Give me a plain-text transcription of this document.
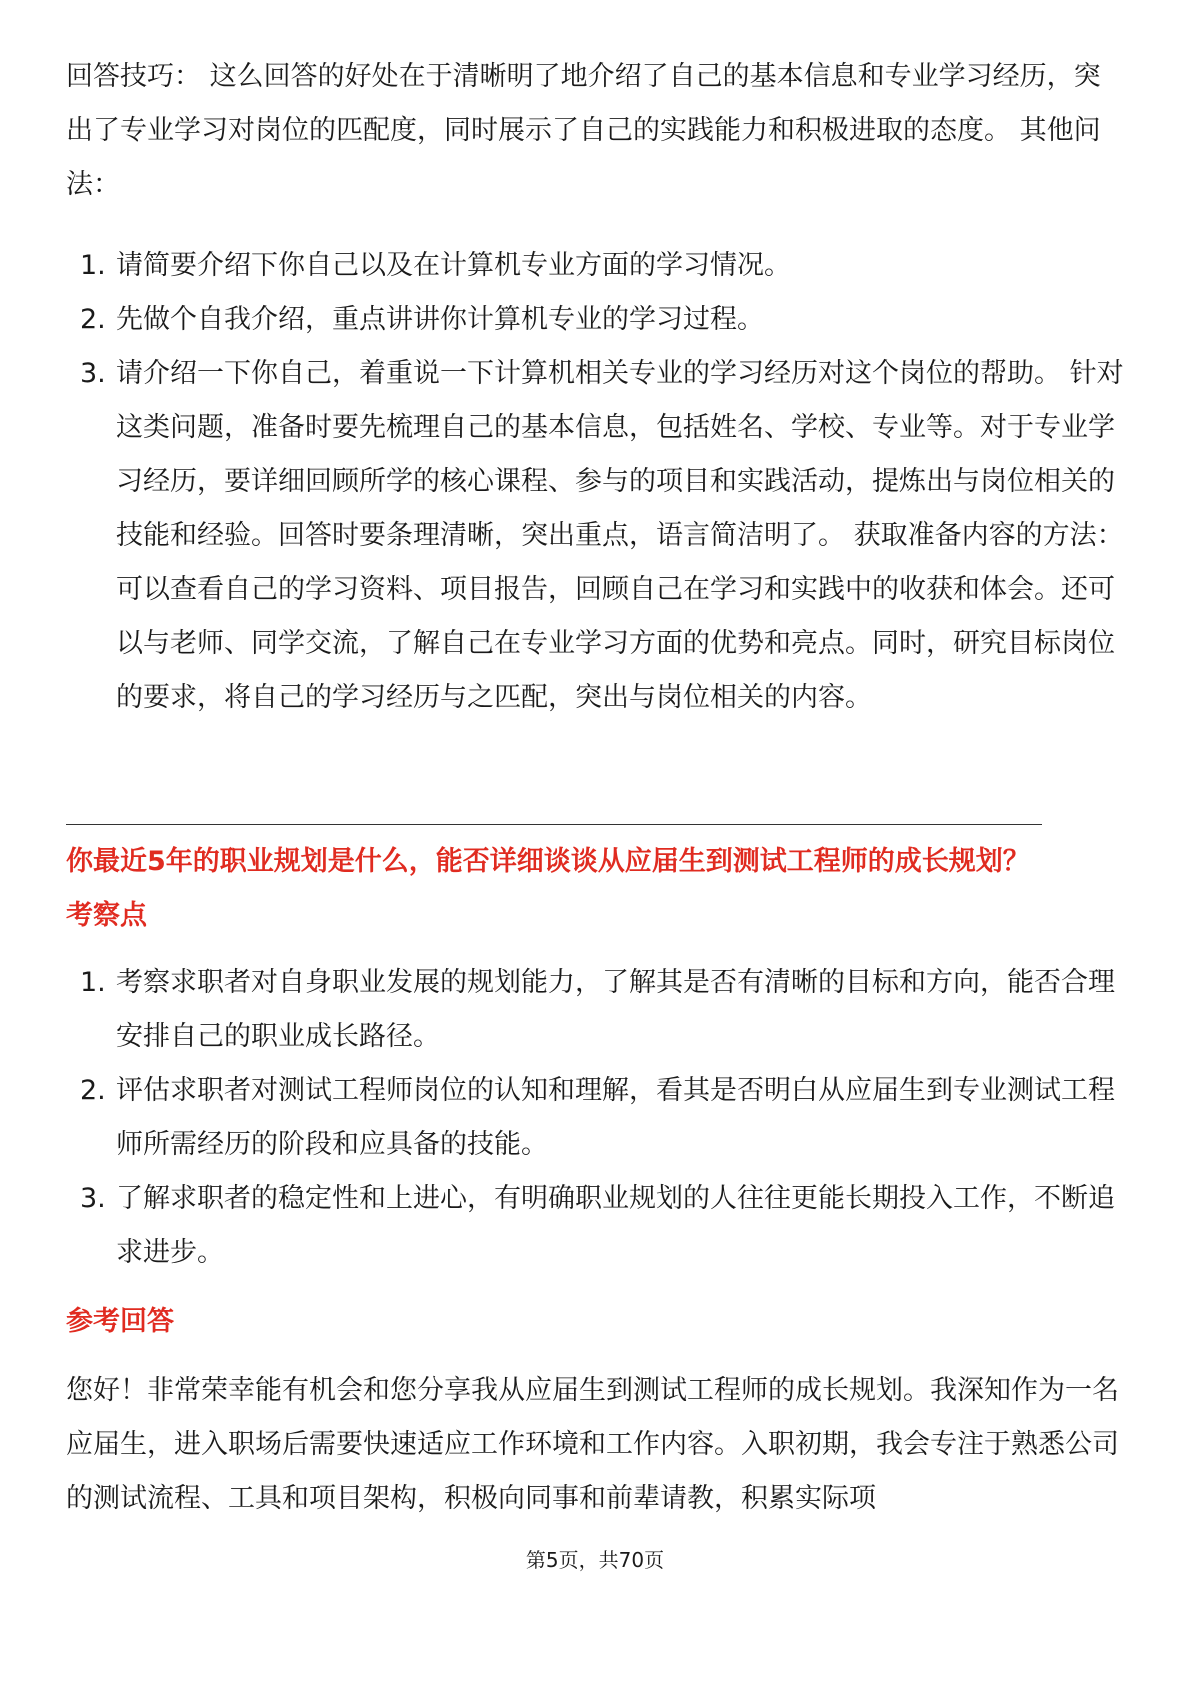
回答技巧： 这么回答的好处在于清晰明了地介绍了自己的基本信息和专业学习经历，突出了专业学习对岗位的匹配度，同时展示了自己的实践能力和积极进取的态度。 其他问法：

1. 请简要介绍下你自己以及在计算机专业方面的学习情况。
2. 先做个自我介绍，重点讲讲你计算机专业的学习过程。
3. 请介绍一下你自己，着重说一下计算机相关专业的学习经历对这个岗位的帮助。 针对这类问题，准备时要先梳理自己的基本信息，包括姓名、学校、专业等。对于专业学习经历，要详细回顾所学的核心课程、参与的项目和实践活动，提炼出与岗位相关的技能和经验。回答时要条理清晰，突出重点，语言简洁明了。 获取准备内容的方法：可以查看自己的学习资料、项目报告，回顾自己在学习和实践中的收获和体会。还可以与老师、同学交流，了解自己在专业学习方面的优势和亮点。同时，研究目标岗位的要求，将自己的学习经历与之匹配，突出与岗位相关的内容。

你最近5年的职业规划是什么，能否详细谈谈从应届生到测试工程师的成长规划？

考察点

1. 考察求职者对自身职业发展的规划能力，了解其是否有清晰的目标和方向，能否合理安排自己的职业成长路径。
2. 评估求职者对测试工程师岗位的认知和理解，看其是否明白从应届生到专业测试工程师所需经历的阶段和应具备的技能。
3. 了解求职者的稳定性和上进心，有明确职业规划的人往往更能长期投入工作，不断追求进步。

参考回答

您好！非常荣幸能有机会和您分享我从应届生到测试工程师的成长规划。我深知作为一名应届生，进入职场后需要快速适应工作环境和工作内容。入职初期，我会专注于熟悉公司的测试流程、工具和项目架构，积极向同事和前辈请教，积累实际项

第5页，共70页
